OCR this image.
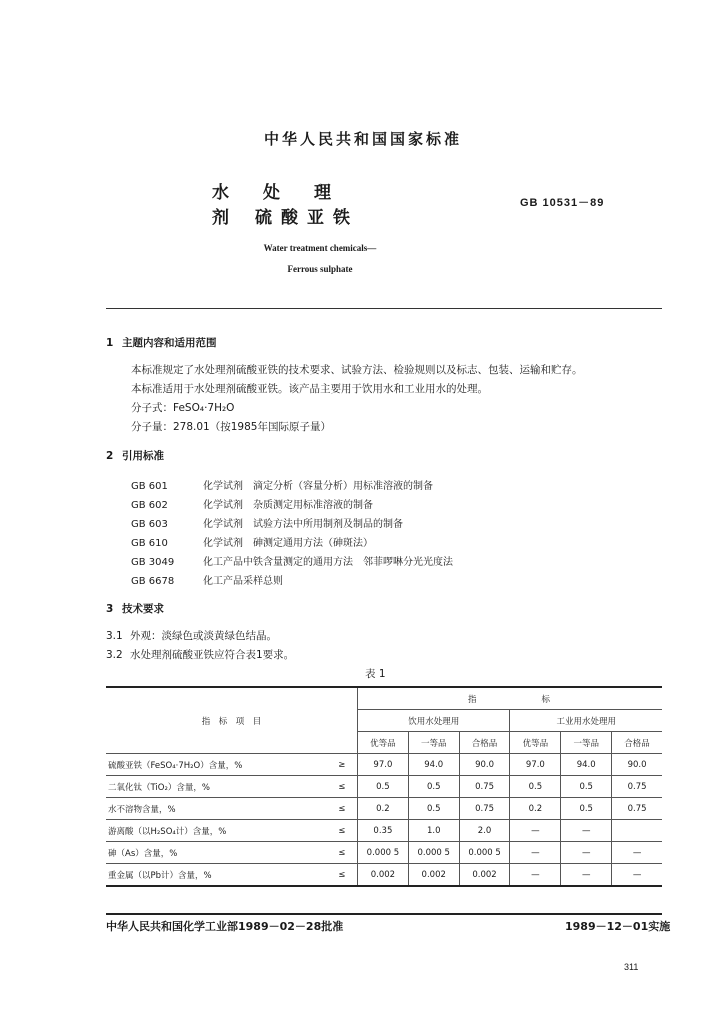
中华人民共和国国家标准
水处理剂
硫酸亚铁
GB 10531－89
Water treatment chemicals—
Ferrous sulphate
1 主题内容和适用范围
本标准规定了水处理剂硫酸亚铁的技术要求、试验方法、检验规则以及标志、包装、运输和贮存。
本标准适用于水处理剂硫酸亚铁。该产品主要用于饮用水和工业用水的处理。
分子式：FeSO₄·7H₂O
分子量：278.01（按1985年国际原子量）
2 引用标准
GB 601	化学试剂　滴定分析（容量分析）用标准溶液的制备
GB 602	化学试剂　杂质测定用标准溶液的制备
GB 603	化学试剂　试验方法中所用制剂及制品的制备
GB 610	化学试剂　砷测定通用方法（砷斑法）
GB 3049	化工产品中铁含量测定的通用方法　邻菲啰啉分光光度法
GB 6678	化工产品采样总则
3 技术要求
3.1 外观：淡绿色或淡黄绿色结晶。
3.2 水处理剂硫酸亚铁应符合表1要求。
表 1
指　标　项　目		指　　　　　　标					
		饮用水处理用			工业用水处理用		
		优等品	一等品	合格品	优等品	一等品	合格品
硫酸亚铁（FeSO₄·7H₂O）含量，%	≥	97.0	94.0	90.0	97.0	94.0	90.0
二氧化钛（TiO₂）含量，%	≤	0.5	0.5	0.75	0.5	0.5	0.75
水不溶物含量，%	≤	0.2	0.5	0.75	0.2	0.5	0.75
游离酸（以H₂SO₄计）含量，%	≤	0.35	1.0	2.0	—	—	
砷（As）含量，%	≤	0.000 5	0.000 5	0.000 5	—	—	—
重金属（以Pb计）含量，%	≤	0.002	0.002	0.002	—	—	—
中华人民共和国化学工业部1989－02－28批准	1989－12－01实施
311
